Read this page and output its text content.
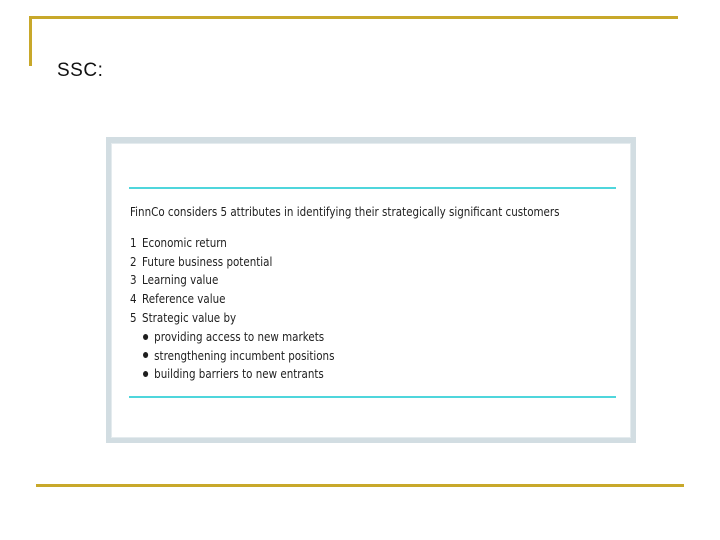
SSC:
FinnCo considers 5 attributes in identifying their strategically significant customers
1 Economic return
2 Future business potential
3 Learning value
4 Reference value
5 Strategic value by
providing access to new markets
strengthening incumbent positions
building barriers to new entrants
